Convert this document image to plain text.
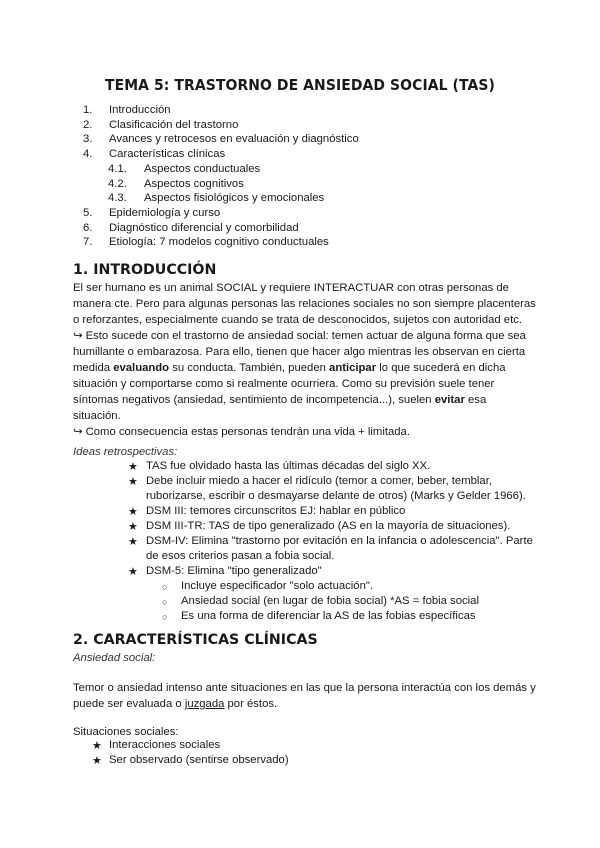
TEMA 5: TRASTORNO DE ANSIEDAD SOCIAL (TAS)
1. Introducción
2. Clasificación del trastorno
3. Avances y retrocesos en evaluación y diagnóstico
4. Características clínicas
4.1. Aspectos conductuales
4.2. Aspectos cognitivos
4.3. Aspectos fisiológicos y emocionales
5. Epidemiología y curso
6. Diagnóstico diferencial y comorbilidad
7. Etiología: 7 modelos cognitivo conductuales
1. INTRODUCCIÓN
El ser humano es un animal SOCIAL y requiere INTERACTUAR con otras personas de
manera cte. Pero para algunas personas las relaciones sociales no son siempre placenteras
o reforzantes, especialmente cuando se trata de desconocidos, sujetos con autoridad etc.
↪ Esto sucede con el trastorno de ansiedad social: temen actuar de alguna forma que sea
humillante o embarazosa. Para ello, tienen que hacer algo mientras les observan en cierta
medida evaluando su conducta. También, pueden anticipar lo que sucederá en dicha
situación y comportarse como si realmente ocurriera. Como su previsión suele tener
síntomas negativos (ansiedad, sentimiento de incompetencia...), suelen evitar esa
situación.
↪ Como consecuencia estas personas tendrán una vida + limitada.
Ideas retrospectivas:
★ TAS fue olvidado hasta las últimas décadas del siglo XX.
★ Debe incluir miedo a hacer el ridículo (temor a comer, beber, temblar,
ruborizarse, escribir o desmayarse delante de otros) (Marks y Gelder 1966).
★ DSM III: temores circunscritos EJ: hablar en público
★ DSM III-TR: TAS de tipo generalizado (AS en la mayoría de situaciones).
★ DSM-IV: Elimina "trastorno por evitación en la infancia o adolescencia". Parte
de esos criterios pasan a fobia social.
★ DSM-5: Elimina "tipo generalizado"
○ Incluye especificador "solo actuación".
○ Ansiedad social (en lugar de fobia social) *AS = fobia social
○ Es una forma de diferenciar la AS de las fobias específicas
2. CARACTERÍSTICAS CLÍNICAS
Ansiedad social:
Temor o ansiedad intenso ante situaciones en las que la persona interactúa con los demás y
puede ser evaluada o juzgada por éstos.
Situaciones sociales:
★ Interacciones sociales
★ Ser observado (sentirse observado)
